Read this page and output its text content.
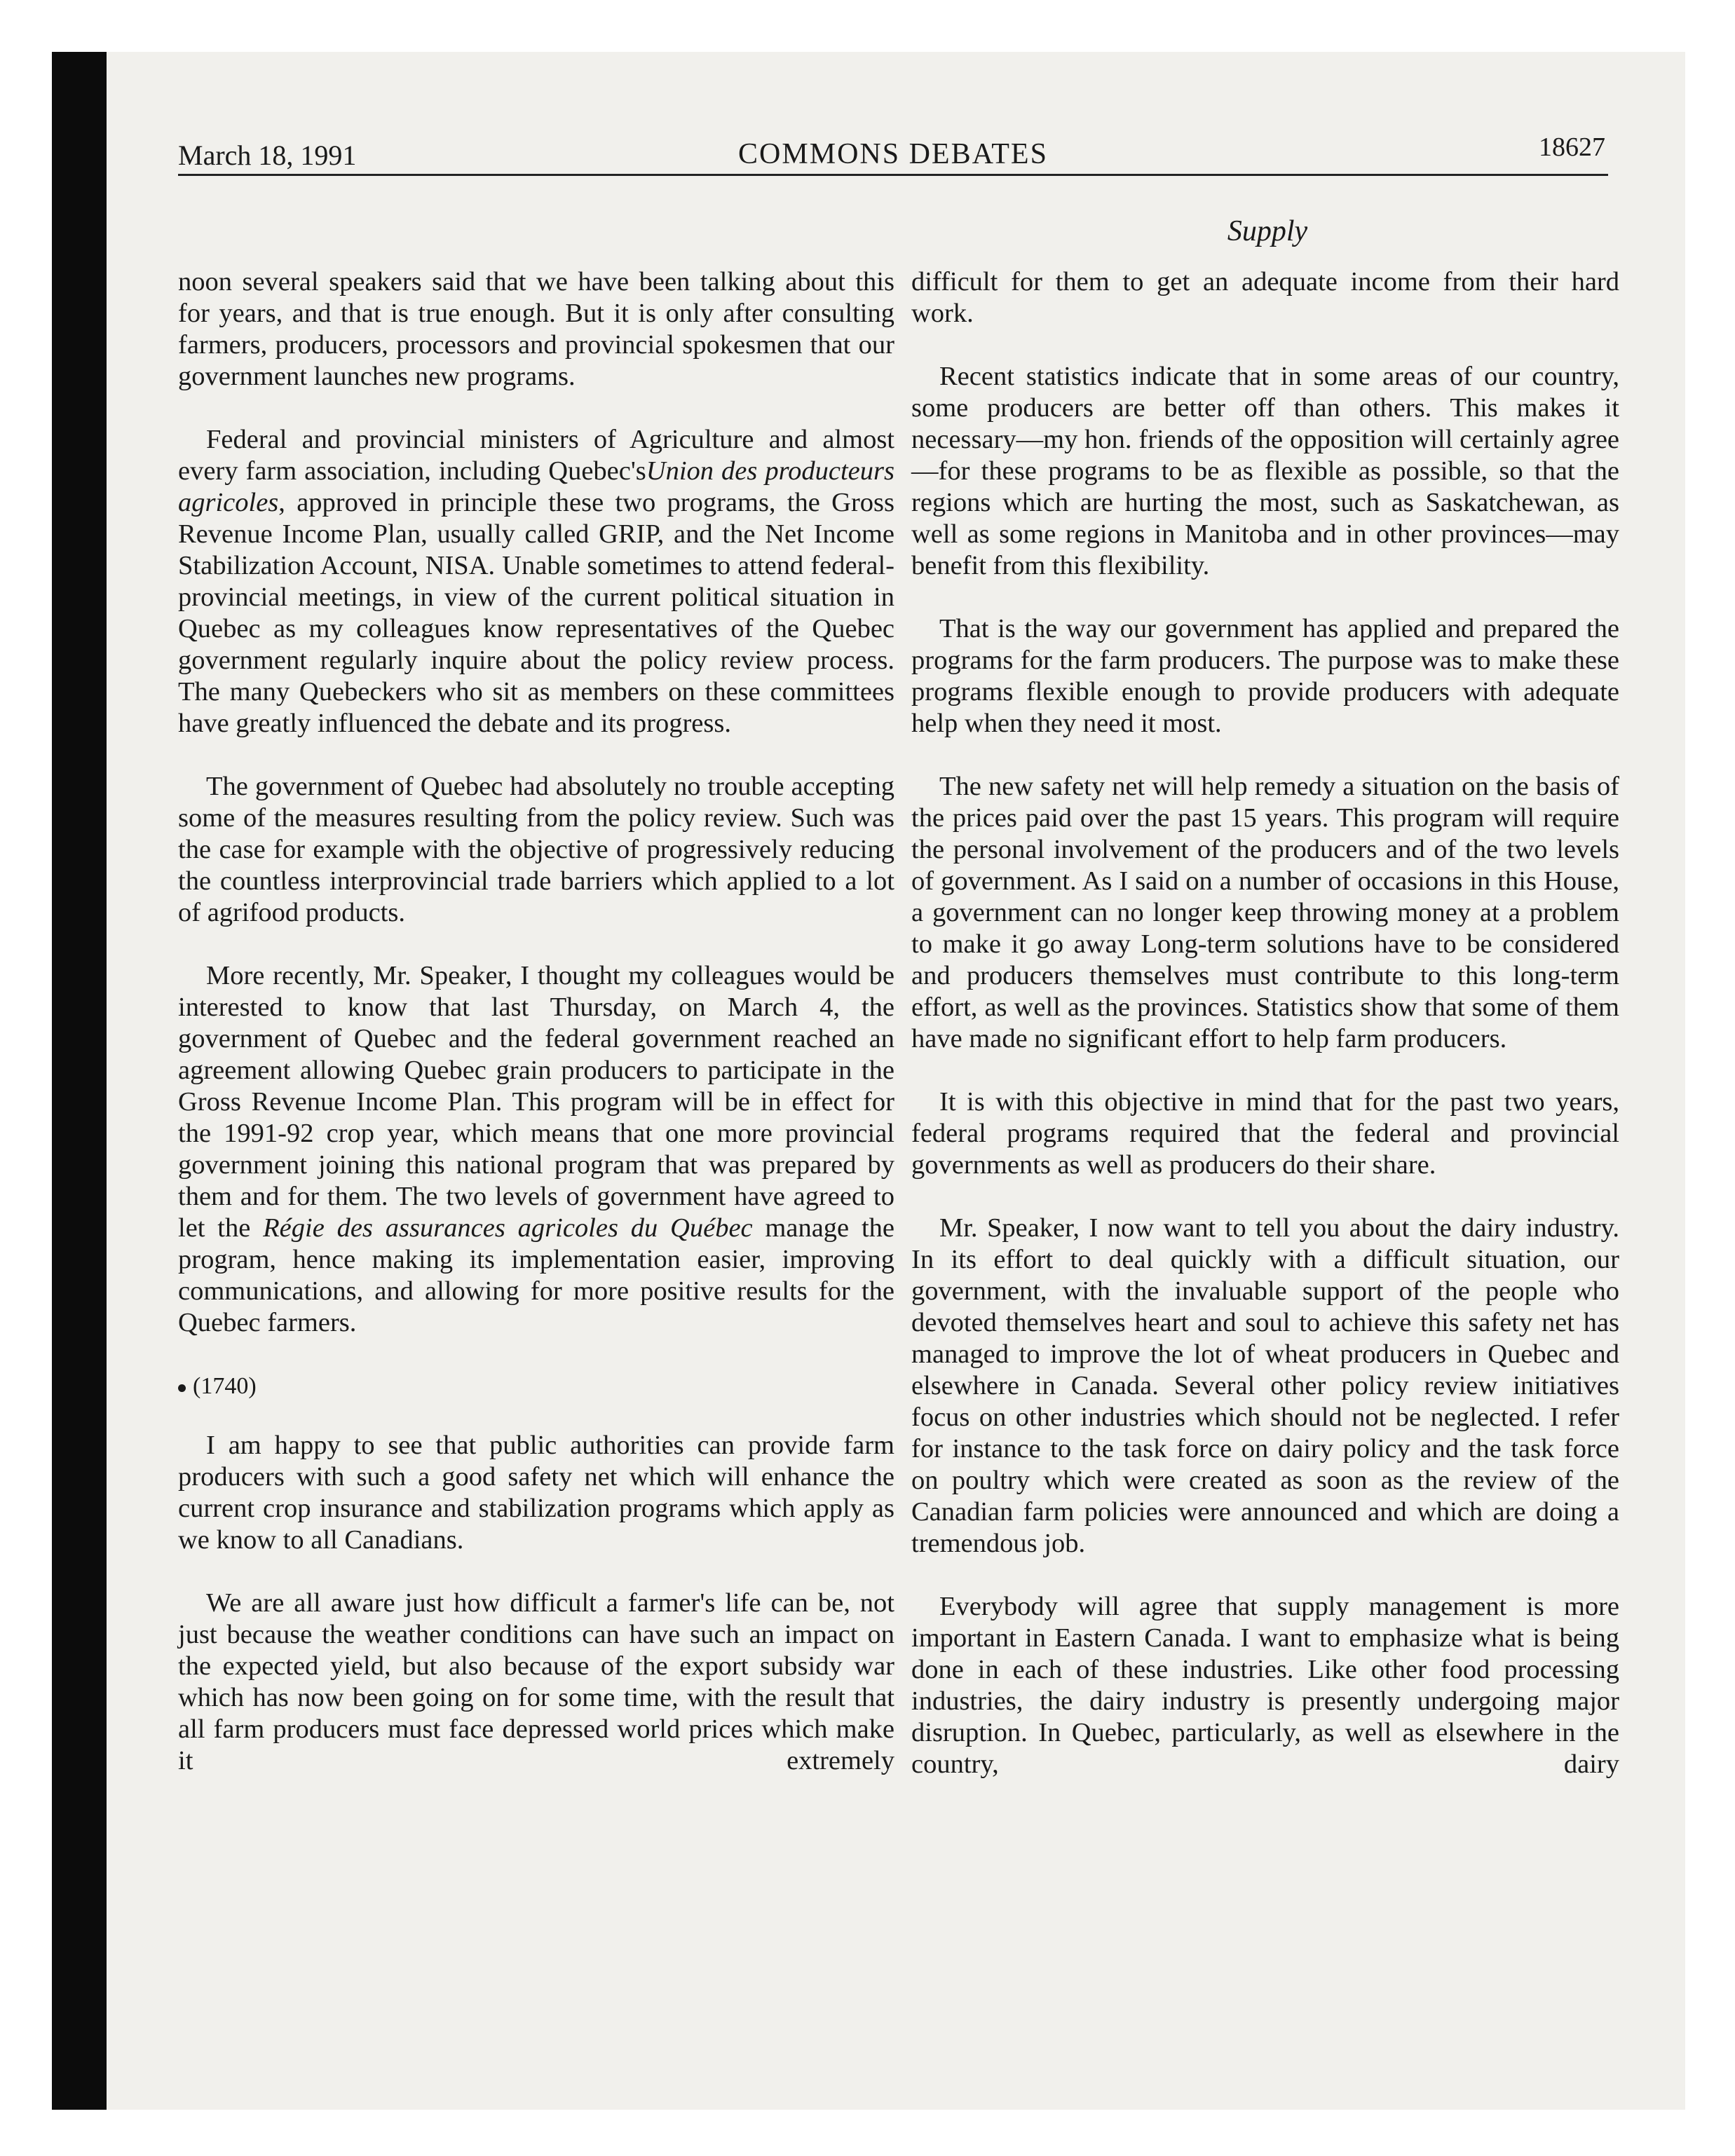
March 18, 1991	COMMONS DEBATES	18627
Supply

noon several speakers said that we have been talking about this for years, and that is true enough. But it is only after consulting farmers, producers, processors and provincial spokesmen that our government launches new programs.

Federal and provincial ministers of Agriculture and almost every farm association, including Quebec'sUnion des producteurs agricoles, approved in principle these two programs, the Gross Revenue Income Plan, usually called GRIP, and the Net Income Stabilization Account, NISA. Unable sometimes to attend federal-provincial meetings, in view of the current political situation in Quebec as my colleagues know representatives of the Quebec government regularly inquire about the policy review process. The many Quebeckers who sit as members on these committees have greatly influenced the debate and its progress.

The government of Quebec had absolutely no trouble accepting some of the measures resulting from the policy review. Such was the case for example with the objective of progressively reducing the countless interprovincial trade barriers which applied to a lot of agrifood products.

More recently, Mr. Speaker, I thought my colleagues would be interested to know that last Thursday, on March 4, the government of Quebec and the federal government reached an agreement allowing Quebec grain producers to participate in the Gross Revenue Income Plan. This program will be in effect for the 1991-92 crop year, which means that one more provincial government joining this national program that was prepared by them and for them. The two levels of government have agreed to let the Régie des assurances agricoles du Québec manage the program, hence making its implementation easier, improving communications, and allowing for more positive results for the Quebec farmers.

(1740)

I am happy to see that public authorities can provide farm producers with such a good safety net which will enhance the current crop insurance and stabilization programs which apply as we know to all Canadians.

We are all aware just how difficult a farmer's life can be, not just because the weather conditions can have such an impact on the expected yield, but also because of the export subsidy war which has now been going on for some time, with the result that all farm producers must face depressed world prices which make it extremely

difficult for them to get an adequate income from their hard work.

Recent statistics indicate that in some areas of our country, some producers are better off than others. This makes it necessary—my hon. friends of the opposition will certainly agree—for these programs to be as flexible as possible, so that the regions which are hurting the most, such as Saskatchewan, as well as some regions in Manitoba and in other provinces—may benefit from this flexibility.

That is the way our government has applied and prepared the programs for the farm producers. The purpose was to make these programs flexible enough to provide producers with adequate help when they need it most.

The new safety net will help remedy a situation on the basis of the prices paid over the past 15 years. This program will require the personal involvement of the producers and of the two levels of government. As I said on a number of occasions in this House, a government can no longer keep throwing money at a problem to make it go away Long-term solutions have to be considered and producers themselves must contribute to this long-term effort, as well as the provinces. Statistics show that some of them have made no significant effort to help farm producers.

It is with this objective in mind that for the past two years, federal programs required that the federal and provincial governments as well as producers do their share.

Mr. Speaker, I now want to tell you about the dairy industry. In its effort to deal quickly with a difficult situation, our government, with the invaluable support of the people who devoted themselves heart and soul to achieve this safety net has managed to improve the lot of wheat producers in Quebec and elsewhere in Canada. Several other policy review initiatives focus on other industries which should not be neglected. I refer for instance to the task force on dairy policy and the task force on poultry which were created as soon as the review of the Canadian farm policies were announced and which are doing a tremendous job.

Everybody will agree that supply management is more important in Eastern Canada. I want to emphasize what is being done in each of these industries. Like other food processing industries, the dairy industry is presently undergoing major disruption. In Quebec, particularly, as well as elsewhere in the country, dairy
